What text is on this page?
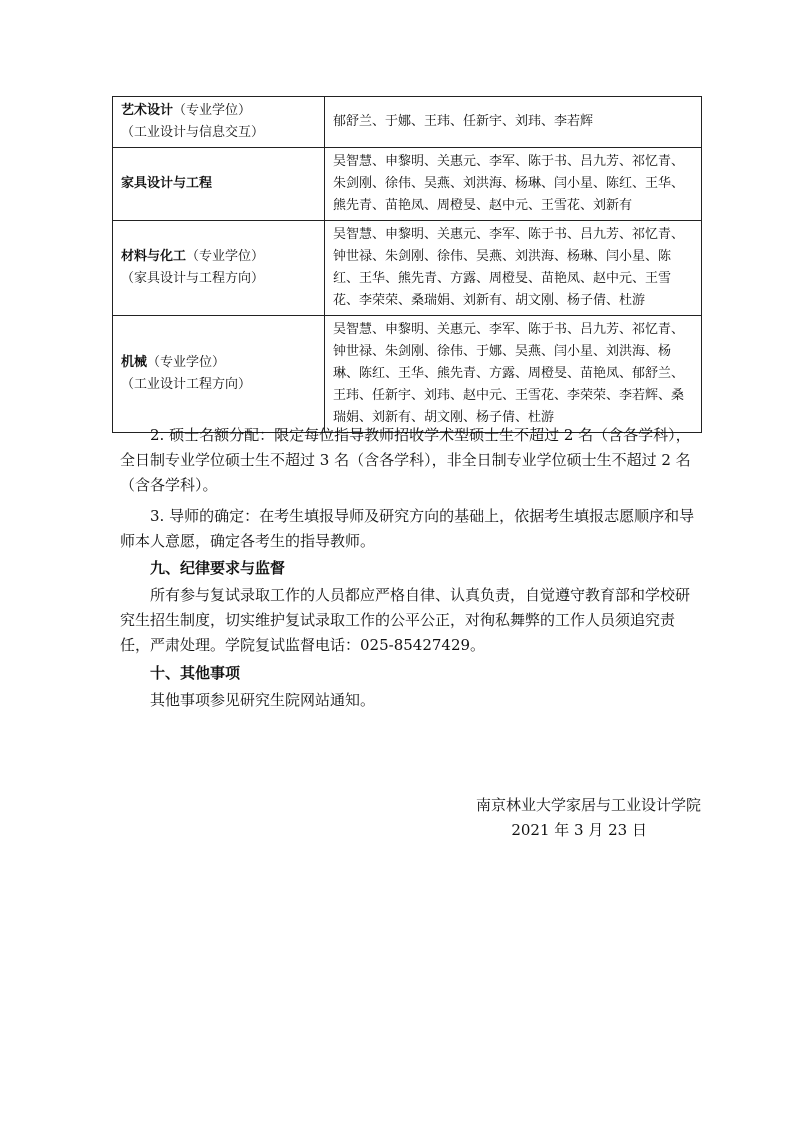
艺术设计（专业学位）
（工业设计与信息交互）	郁舒兰、于娜、王玮、任新宇、刘玮、李若辉
家具设计与工程	吴智慧、申黎明、关惠元、李军、陈于书、吕九芳、祁忆青、朱剑刚、徐伟、吴燕、刘洪海、杨琳、闫小星、陈红、王华、熊先青、苗艳凤、周橙旻、赵中元、王雪花、刘新有
材料与化工（专业学位）
（家具设计与工程方向）	吴智慧、申黎明、关惠元、李军、陈于书、吕九芳、祁忆青、钟世禄、朱剑刚、徐伟、吴燕、刘洪海、杨琳、闫小星、陈红、王华、熊先青、方露、周橙旻、苗艳凤、赵中元、王雪花、李荣荣、桑瑞娟、刘新有、胡文刚、杨子倩、杜游
机械（专业学位）
（工业设计工程方向）	吴智慧、申黎明、关惠元、李军、陈于书、吕九芳、祁忆青、钟世禄、朱剑刚、徐伟、于娜、吴燕、闫小星、刘洪海、杨琳、陈红、王华、熊先青、方露、周橙旻、苗艳凤、郁舒兰、王玮、任新宇、刘玮、赵中元、王雪花、李荣荣、李若辉、桑瑞娟、刘新有、胡文刚、杨子倩、杜游

2. 硕士名额分配：限定每位指导教师招收学术型硕士生不超过 2 名（含各学科），全日制专业学位硕士生不超过 3 名（含各学科），非全日制专业学位硕士生不超过 2 名（含各学科）。

3. 导师的确定：在考生填报导师及研究方向的基础上，依据考生填报志愿顺序和导师本人意愿，确定各考生的指导教师。

九、纪律要求与监督

所有参与复试录取工作的人员都应严格自律、认真负责，自觉遵守教育部和学校研究生招生制度，切实维护复试录取工作的公平公正，对徇私舞弊的工作人员须追究责任，严肃处理。学院复试监督电话：025-85427429。

十、其他事项

其他事项参见研究生院网站通知。

南京林业大学家居与工业设计学院
2021 年 3 月 23 日
